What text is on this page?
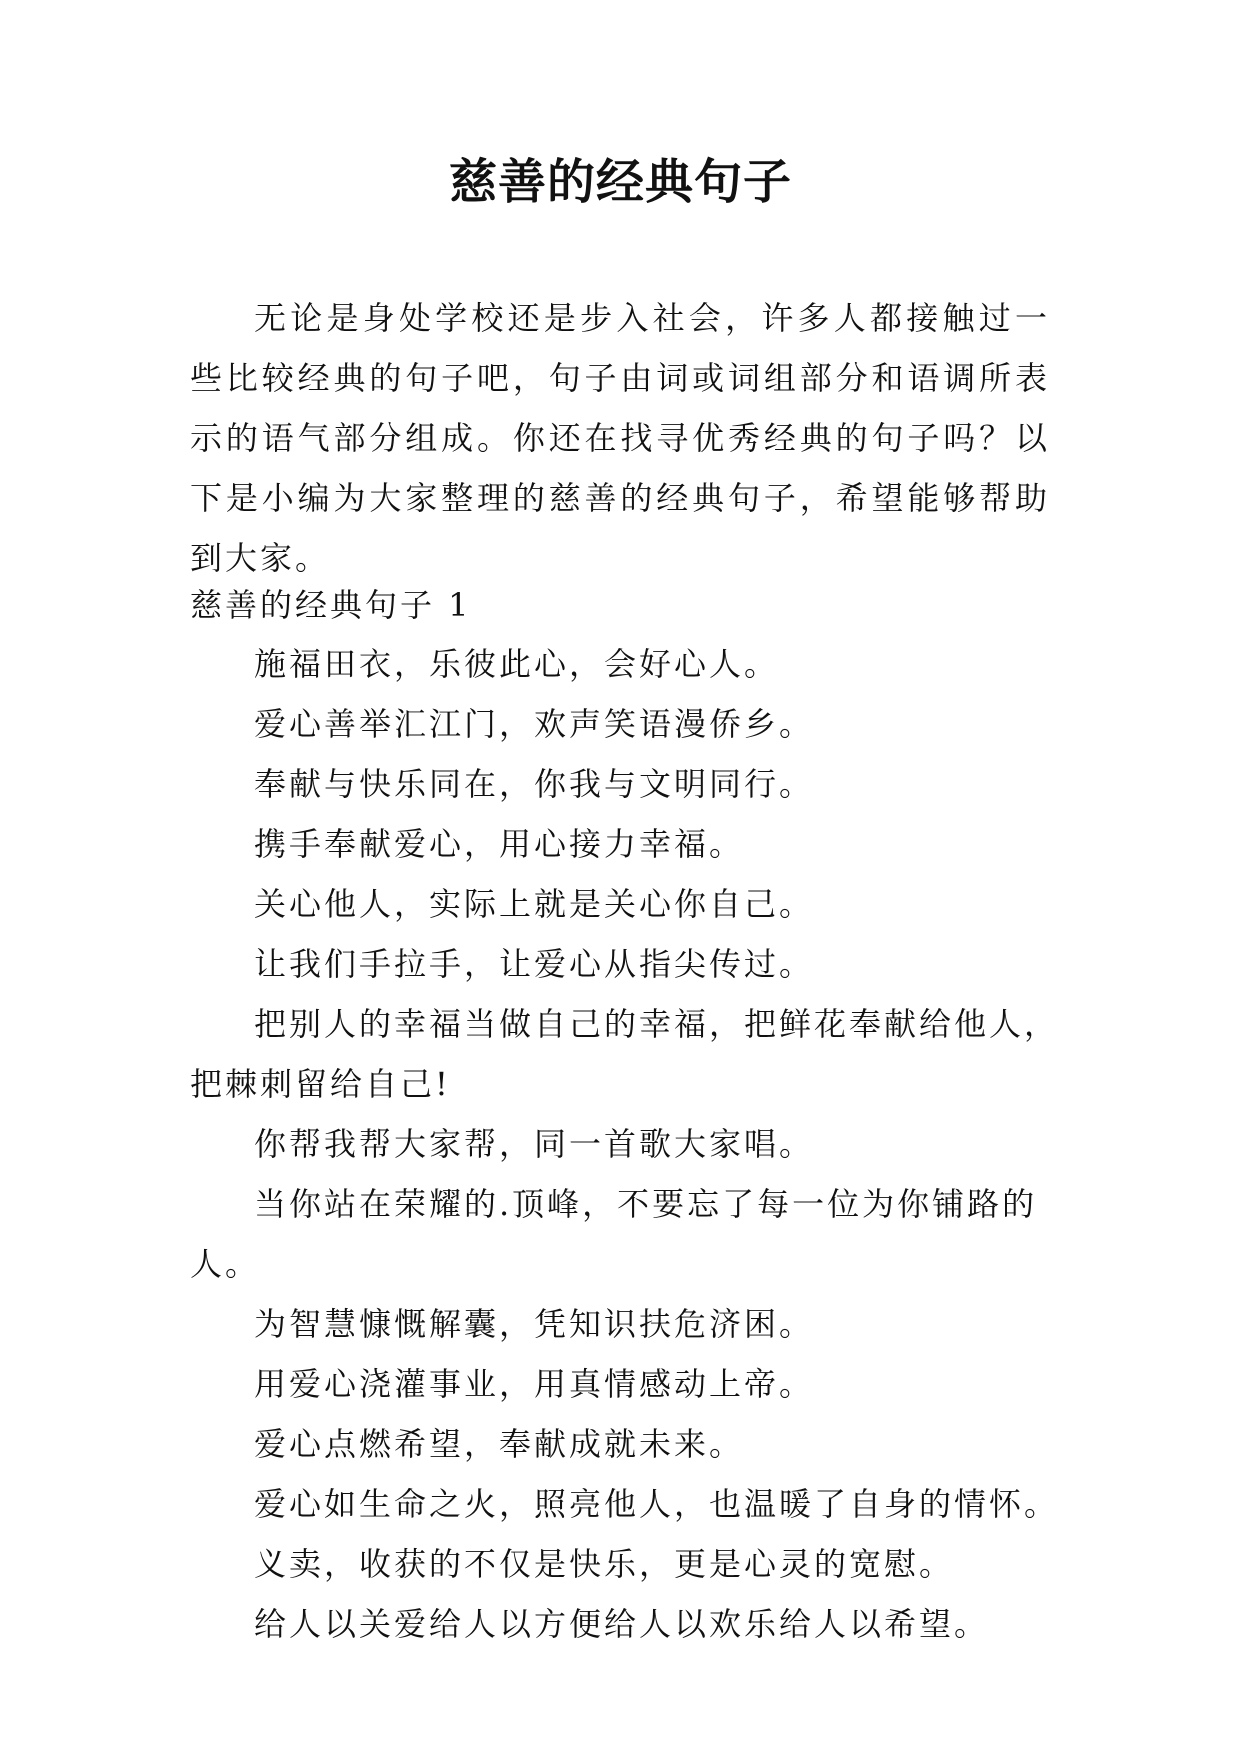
慈善的经典句子

无论是身处学校还是步入社会，许多人都接触过一些比较经典的句子吧，句子由词或词组部分和语调所表示的语气部分组成。你还在找寻优秀经典的句子吗？以下是小编为大家整理的慈善的经典句子，希望能够帮助到大家。

慈善的经典句子 1
施福田衣，乐彼此心，会好心人。
爱心善举汇江门，欢声笑语漫侨乡。
奉献与快乐同在，你我与文明同行。
携手奉献爱心，用心接力幸福。
关心他人，实际上就是关心你自己。
让我们手拉手，让爱心从指尖传过。
把别人的幸福当做自己的幸福，把鲜花奉献给他人，把棘刺留给自己!
你帮我帮大家帮，同一首歌大家唱。
当你站在荣耀的.顶峰，不要忘了每一位为你铺路的人。
为智慧慷慨解囊，凭知识扶危济困。
用爱心浇灌事业，用真情感动上帝。
爱心点燃希望，奉献成就未来。
爱心如生命之火，照亮他人，也温暖了自身的情怀。
义卖，收获的不仅是快乐，更是心灵的宽慰。
给人以关爱给人以方便给人以欢乐给人以希望。
